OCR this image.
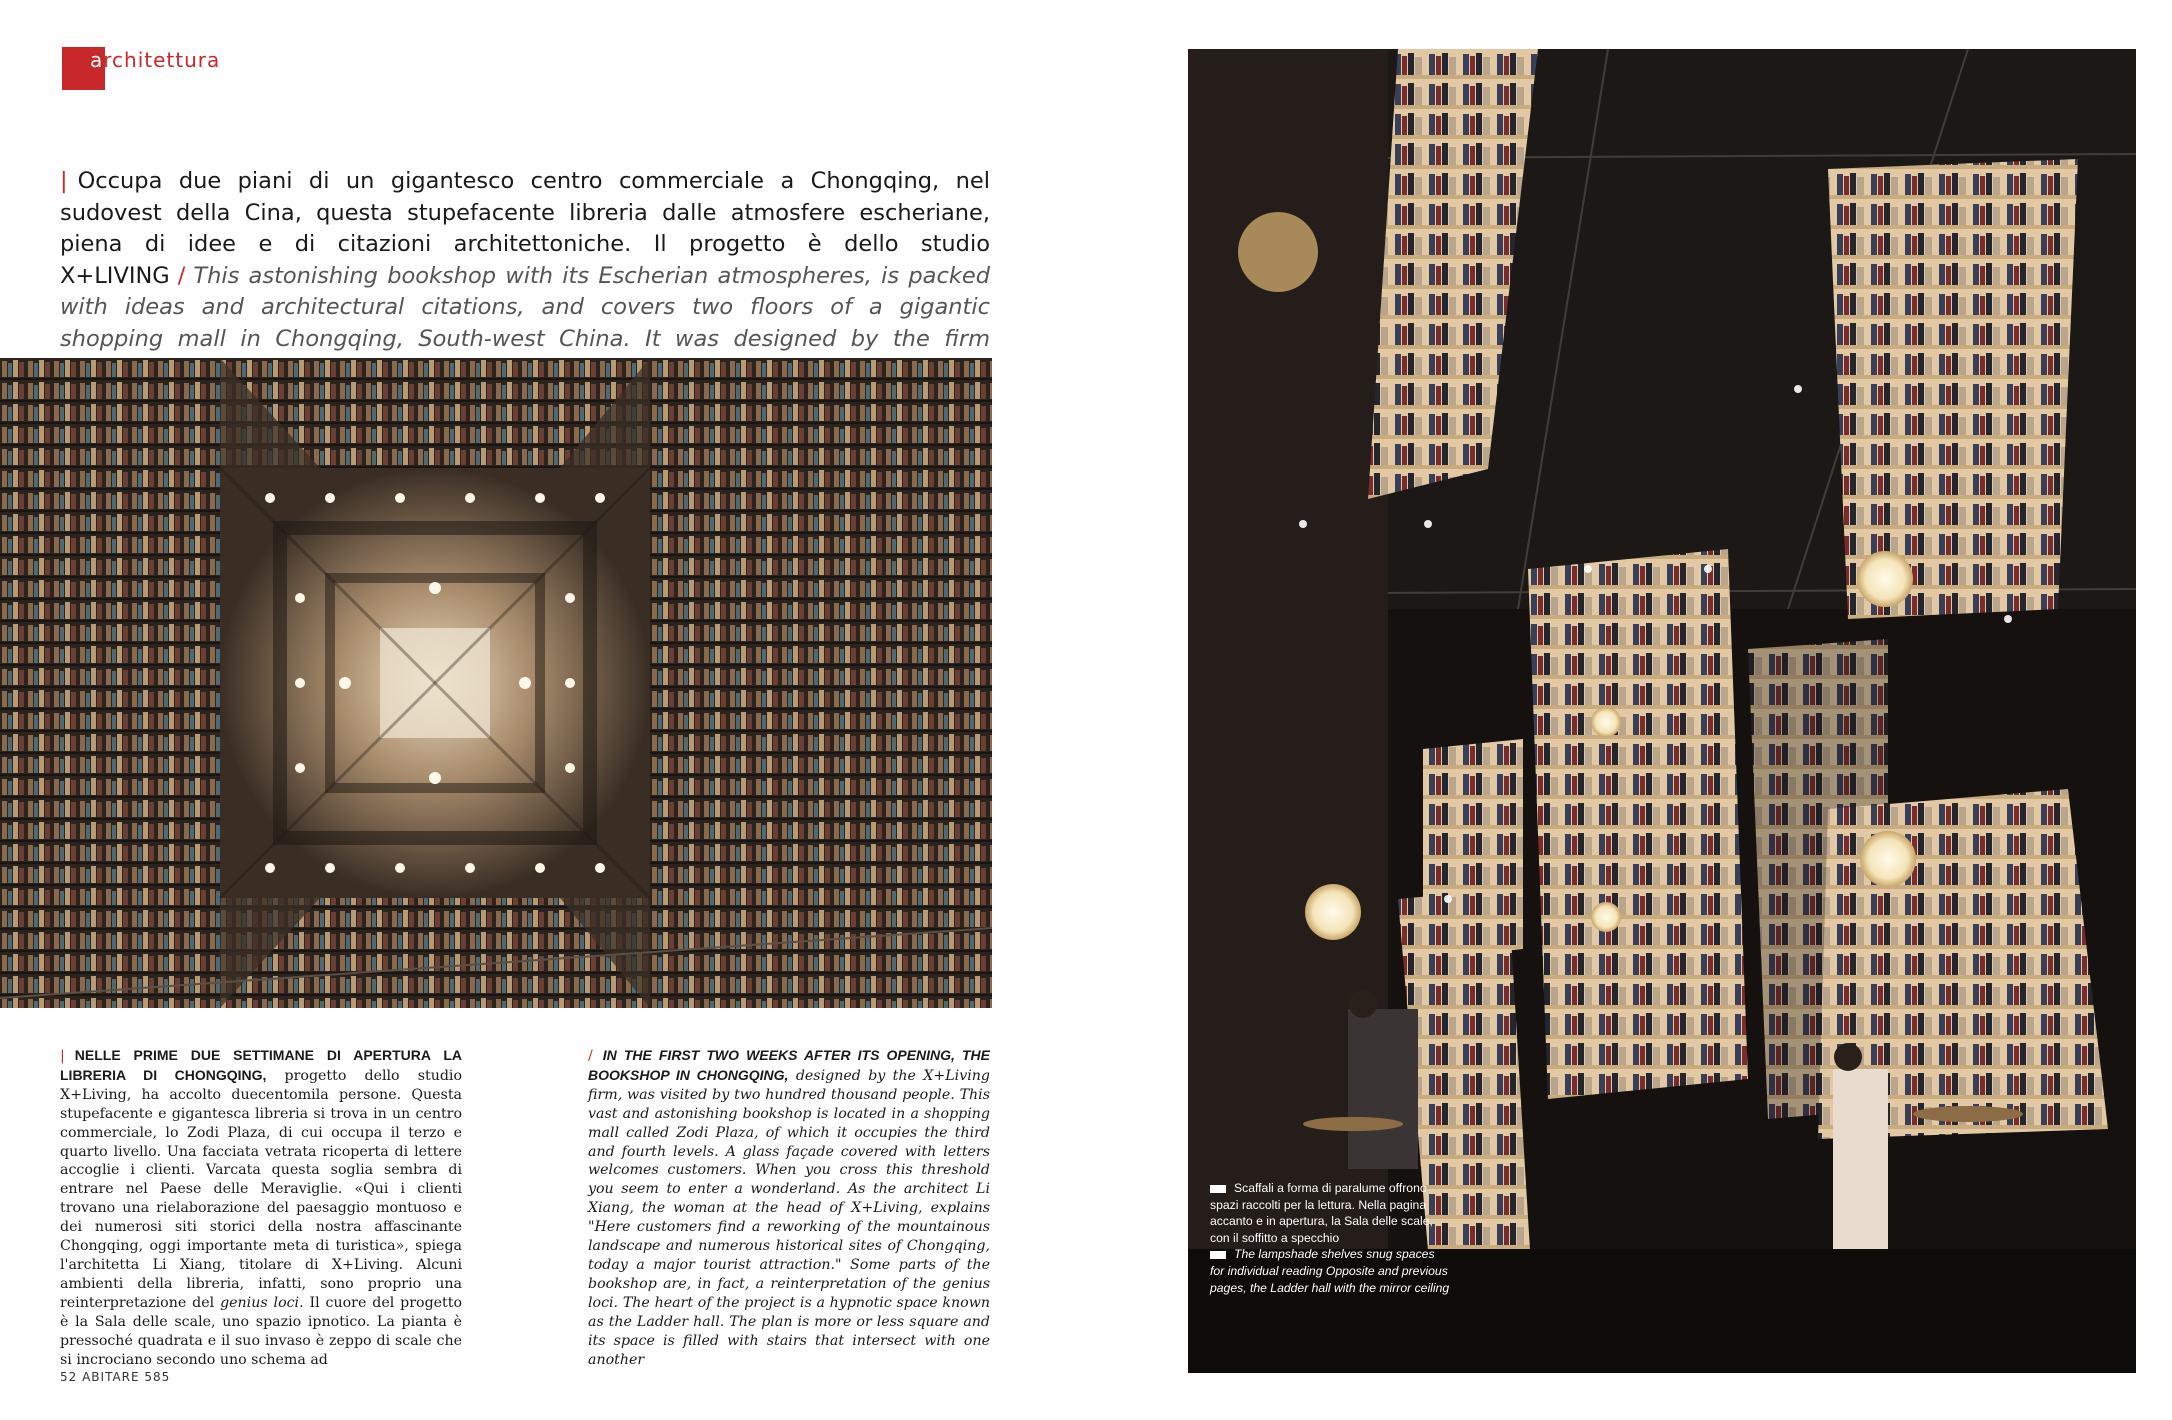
architettura
| Occupa due piani di un gigantesco centro commerciale a Chongqing, nel sudovest della Cina, questa stupefacente libreria dalle atmosfere escheriane, piena di idee e di citazioni architettoniche. Il progetto è dello studio X+LIVING / This astonishing bookshop with its Escherian atmospheres, is packed with ideas and architectural citations, and covers two floors of a gigantic shopping mall in Chongqing, South-west China. It was designed by the firm
| NELLE PRIME DUE SETTIMANE DI APERTURA LA LIBRERIA DI CHONGQING, progetto dello studio X+Living, ha accolto duecentomila persone. Questa stupefacente e gigantesca libreria si trova in un centro commerciale, lo Zodi Plaza, di cui occupa il terzo e quarto livello. Una facciata vetrata ricoperta di lettere accoglie i clienti. Varcata questa soglia sembra di entrare nel Paese delle Meraviglie. «Qui i clienti trovano una rielaborazione del paesaggio montuoso e dei numerosi siti storici della nostra affascinante Chongqing, oggi importante meta di turistica», spiega l'architetta Li Xiang, titolare di X+Living. Alcuni ambienti della libreria, infatti, sono proprio una reinterpretazione del genius loci. Il cuore del progetto è la Sala delle scale, uno spazio ipnotico. La pianta è pressoché quadrata e il suo invaso è zeppo di scale che si incrociano secondo uno schema ad
/ IN THE FIRST TWO WEEKS AFTER ITS OPENING, THE BOOKSHOP IN CHONGQING, designed by the X+Living firm, was visited by two hundred thousand people. This vast and astonishing bookshop is located in a shopping mall called Zodi Plaza, of which it occupies the third and fourth levels. A glass façade covered with letters welcomes customers. When you cross this threshold you seem to enter a wonderland. As the architect Li Xiang, the woman at the head of X+Living, explains "Here customers find a reworking of the mountainous landscape and numerous historical sites of Chongqing, today a major tourist attraction." Some parts of the bookshop are, in fact, a reinterpretation of the genius loci. The heart of the project is a hypnotic space known as the Ladder hall. The plan is more or less square and its space is filled with stairs that intersect with one another
Scaffali a forma di paralume offrono spazi raccolti per la lettura. Nella pagina accanto e in apertura, la Sala delle scale, con il soffitto a specchio
The lampshade shelves snug spaces for individual reading Opposite and previous pages, the Ladder hall with the mirror ceiling
52 ABITARE 585
